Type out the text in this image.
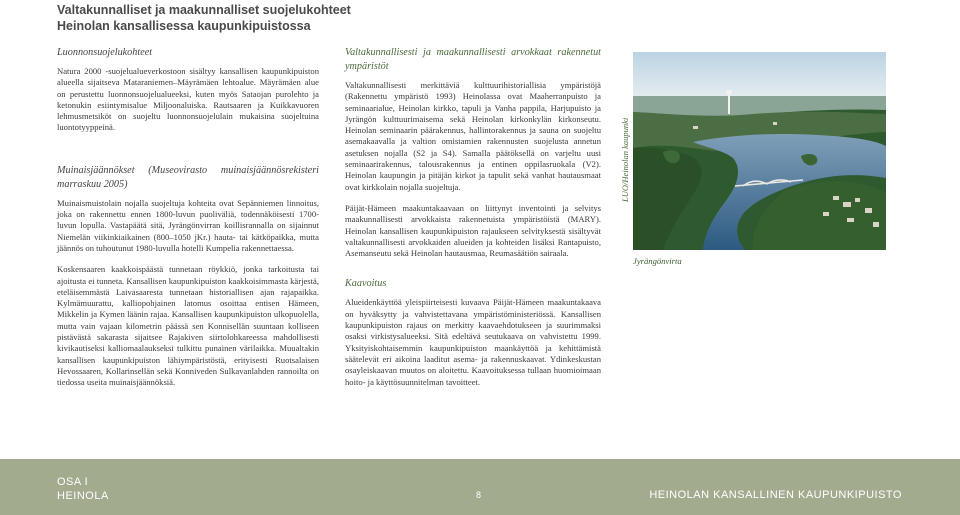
Valtakunnalliset ja maakunnalliset suojelukohteet
Heinolan kansallisessa kaupunkipuistossa
Luonnonsuojelukohteet

Natura 2000 -suojelualueverkostoon sisältyy kansallisen kaupunkipuiston alueella sijaitseva Mataraniemen–Mäyrämäen lehtoalue. Mäyrämäen alue on perustettu luonnonsuojelualueeksi, kuten myös Sataojan purolehto ja ketonukin esiintymisalue Miljoonaluiska. Rautsaaren ja Kuikkavuoren lehmusmetsiköt on suojeltu luonnonsuojelulain mukaisina suojeltuina luontotyyppeinä.

Muinaisjäännökset (Museovirasto muinaisjäännösrekisteri marraskuu 2005)

Muinaismuistolain nojalla suojeltuja kohteita ovat Sepänniemen linnoitus, joka on rakennettu ennen 1800-luvun puoliväliä, todennäköisesti 1700-luvun lopulla. Vastapäätä sitä, Jyrängönvirran koillisrannalla on sijainnut Niemelän viikinkiaikainen (800–1050 jKr.) hauta- tai kätköpaikka, mutta jäännös on tuhoutunut 1980-luvulla hotelli Kumpelia rakennettaessa.

Koskensaaren kaakkoispäästä tunnetaan röykkiö, jonka tarkoitusta tai ajoitusta ei tunneta. Kansallisen kaupunkipuiston kaakkoisimmasta kärjestä, eteläisemmästä Laivasaaresta tunnetaan historiallisen ajan rajapaikka. Kylmämuurattu, kalliopohjainen latomus osoittaa entisen Hämeen, Mikkelin ja Kymen läänin rajaa. Kansallisen kaupunkipuiston ulkopuolella, mutta vain vajaan kilometrin päässä sen Konnisellän suuntaan kolliseen pistävästä sakarasta sijaitsee Rajakiven siirtolohkareessa mahdollisesti kivikautiseksi kalliomaalaukseksi tulkittu punainen värilaikka. Muualtakin kansallisen kaupunkipuiston lähiympäristöstä, erityisesti Ruotsalaisen Hevossaaren, Kollarinsellän sekä Konniveden Sulkavanlahden rannoilta on tiedossa useita muinaisjäännöksiä.

Valtakunnallisesti ja maakunnallisesti arvokkaat rakennetut ympäristöt

Valtakunnallisesti merkittäviä kulttuurihistoriallisia ympäristöjä (Rakennettu ympäristö 1993) Heinolassa ovat Maaherranpuisto ja seminaarialue, Heinolan kirkko, tapuli ja Vanha pappila, Harjupuisto ja Jyrängön kulttuurimaisema sekä Heinolan kirkonkylän kirkonseutu. Heinolan seminaarin päärakennus, hallintorakennus ja sauna on suojeltu asemakaavalla ja valtion omistamien rakennusten suojelusta annetun asetuksen nojalla (S2 ja S4). Samalla päätöksellä on varjeltu uusi seminaarirakennus, talousrakennus ja entinen oppilasruokala (V2). Heinolan kaupungin ja pitäjän kirkot ja tapulit sekä vanhat hautausmaat ovat kirkkolain nojalla suojeltuja.

Päijät-Hämeen maakuntakaavaan on liittynyt inventointi ja selvitys maakunnallisesti arvokkaista rakennetuista ympäristöistä (MARY). Heinolan kansallisen kaupunkipuiston rajaukseen selvityksestä sisältyvät valtakunnallisesti arvokkaiden alueiden ja kohteiden lisäksi Rantapuisto, Asemanseutu sekä Heinolan hautausmaa, Reumasäätiön sairaala.

Kaavoitus

Alueidenkäyttöä yleispiirteisesti kuvaava Päijät-Hämeen maakuntakaava on hyväksytty ja vahvistettavana ympäristöministeriössä. Kansallisen kaupunkipuiston rajaus on merkitty kaavaehdotukseen ja suurimmaksi osaksi virkistysalueeksi. Sitä edeltävä seutukaava on vahvistettu 1999. Yksityiskohtaisemmin kaupunkipuiston maankäyttöä ja kehittämistä säätelevät eri aikoina laaditut asema- ja rakennuskaavat. Ydinkeskustan osayleiskaavan muutos on aloitettu. Kaavoituksessa tullaan huomioimaan hoito- ja käyttösuunnitelman tavoitteet.

LUO/Heinolan kaupunki
Jyrängönvirta
OSA I
HEINOLA	8	HEINOLAN KANSALLINEN KAUPUNKIPUISTO
